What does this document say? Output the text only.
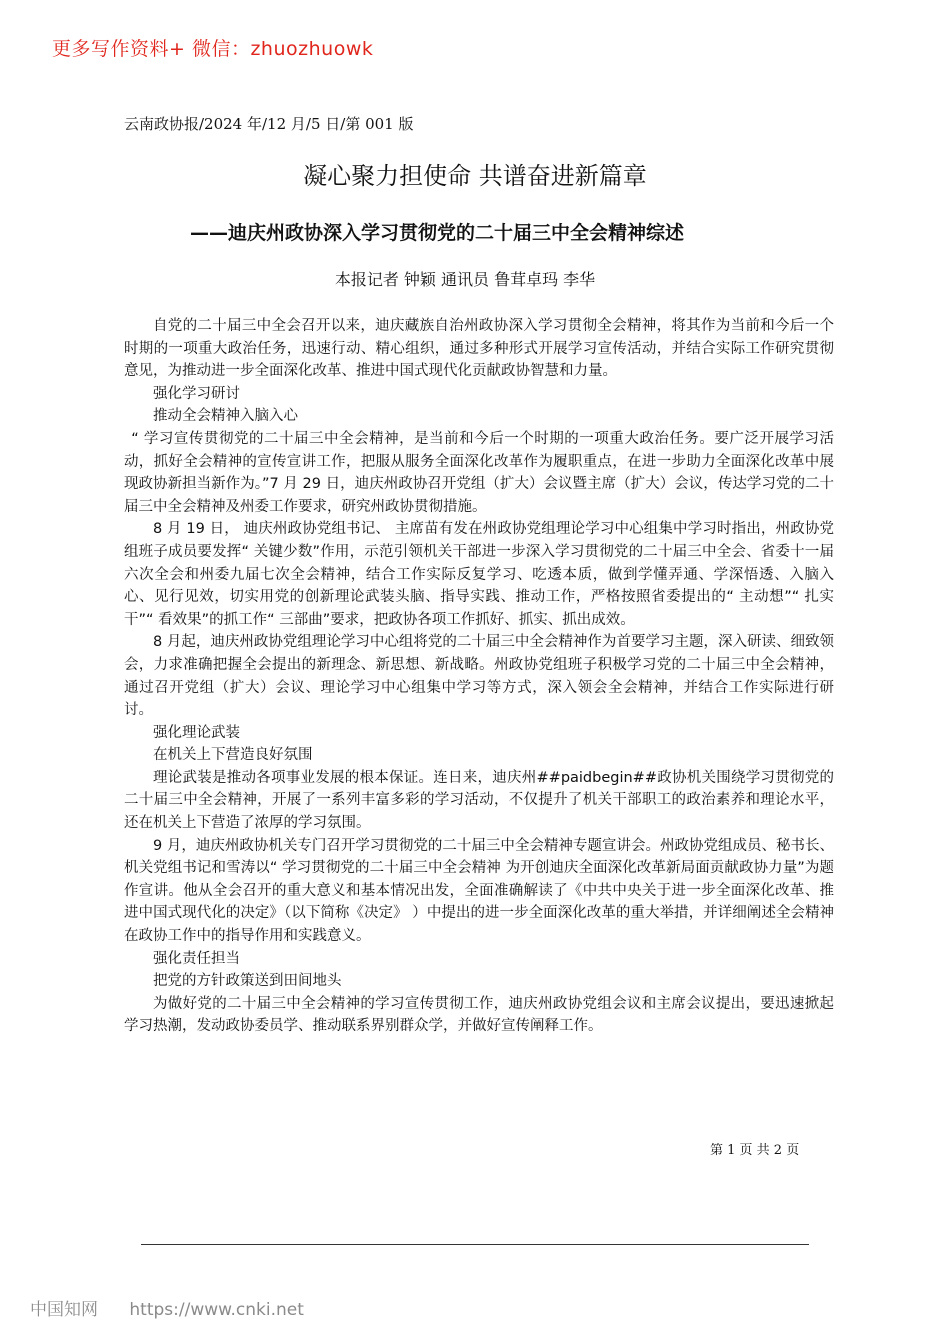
更多写作资料+ 微信：zhuozhuowk
云南政协报/2024 年/12 月/5 日/第 001 版
凝心聚力担使命 共谱奋进新篇章
——迪庆州政协深入学习贯彻党的二十届三中全会精神综述
本报记者 钟颖 通讯员 鲁茸卓玛 李华

自党的二十届三中全会召开以来，迪庆藏族自治州政协深入学习贯彻全会精神，将其作为当前和今后一个时期的一项重大政治任务，迅速行动、精心组织，通过多种形式开展学习宣传活动，并结合实际工作研究贯彻意见，为推动进一步全面深化改革、推进中国式现代化贡献政协智慧和力量。

强化学习研讨

推动全会精神入脑入心

“ 学习宣传贯彻党的二十届三中全会精神，是当前和今后一个时期的一项重大政治任务。要广泛开展学习活动，抓好全会精神的宣传宣讲工作，把服从服务全面深化改革作为履职重点，在进一步助力全面深化改革中展现政协新担当新作为。”7 月 29 日，迪庆州政协召开党组（扩大）会议暨主席（扩大）会议，传达学习党的二十届三中全会精神及州委工作要求，研究州政协贯彻措施。

8 月 19 日， 迪庆州政协党组书记、 主席苗有发在州政协党组理论学习中心组集中学习时指出，州政协党组班子成员要发挥“ 关键少数”作用，示范引领机关干部进一步深入学习贯彻党的二十届三中全会、省委十一届六次全会和州委九届七次全会精神，结合工作实际反复学习、吃透本质，做到学懂弄通、学深悟透、入脑入心、见行见效，切实用党的创新理论武装头脑、指导实践、推动工作，严格按照省委提出的“ 主动想”“ 扎实干”“ 看效果”的抓工作“ 三部曲”要求，把政协各项工作抓好、抓实、抓出成效。

8 月起，迪庆州政协党组理论学习中心组将党的二十届三中全会精神作为首要学习主题，深入研读、细致领会，力求准确把握全会提出的新理念、新思想、新战略。州政协党组班子积极学习党的二十届三中全会精神，通过召开党组（扩大）会议、理论学习中心组集中学习等方式，深入领会全会精神，并结合工作实际进行研讨。

强化理论武装

在机关上下营造良好氛围

理论武装是推动各项事业发展的根本保证。连日来，迪庆州##paidbegin##政协机关围绕学习贯彻党的二十届三中全会精神，开展了一系列丰富多彩的学习活动，不仅提升了机关干部职工的政治素养和理论水平，还在机关上下营造了浓厚的学习氛围。

9 月，迪庆州政协机关专门召开学习贯彻党的二十届三中全会精神专题宣讲会。州政协党组成员、秘书长、机关党组书记和雪涛以“ 学习贯彻党的二十届三中全会精神 为开创迪庆全面深化改革新局面贡献政协力量”为题作宣讲。他从全会召开的重大意义和基本情况出发，全面准确解读了《中共中央关于进一步全面深化改革、推进中国式现代化的决定》（以下简称《决定》 ）中提出的进一步全面深化改革的重大举措，并详细阐述全会精神在政协工作中的指导作用和实践意义。

强化责任担当

把党的方针政策送到田间地头

为做好党的二十届三中全会精神的学习宣传贯彻工作，迪庆州政协党组会议和主席会议提出，要迅速掀起学习热潮，发动政协委员学、推动联系界别群众学，并做好宣传阐释工作。

第 1 页 共 2 页
中国知网 https://www.cnki.net
